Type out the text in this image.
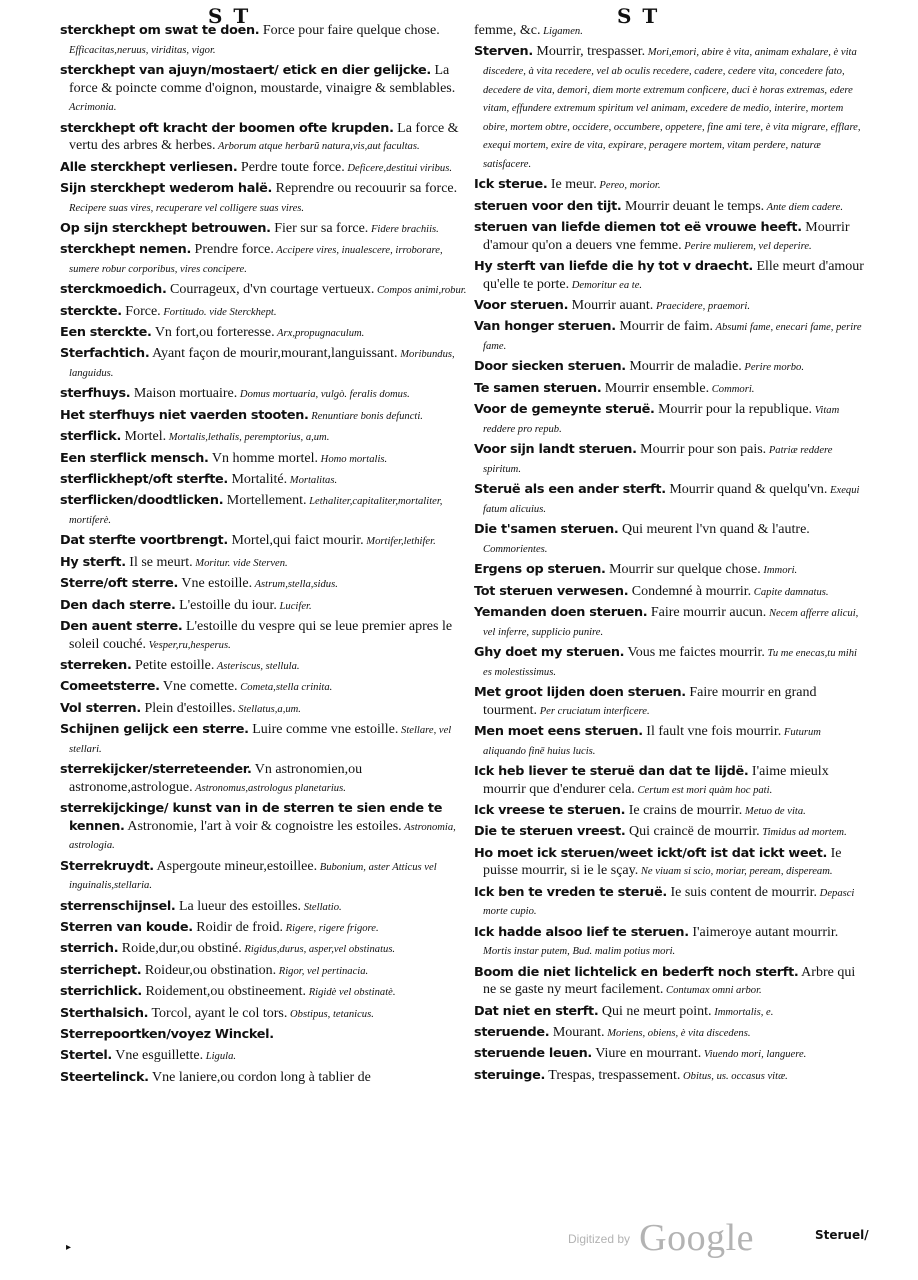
S T	S T

sterckhept om swat te doen. Force pour faire quelque chose. Efficacitas,neruus, viriditas, vigor.

sterckhept van ajuyn/mostaert/ etick en dier gelijcke. La force & poincte comme d'oignon, moustarde, vinaigre & semblables. Acrimonia.

sterckhept oft kracht der boomen ofte krupden. La force & vertu des arbres & herbes. Arborum atque herbarũ natura,vis,aut facultas.

Alle sterckhept verliesen. Perdre toute force. Deficere,destitui viribus.

Sijn sterckhept wederom halë. Reprendre ou recouurir sa force. Recipere suas vires, recuperare vel colligere suas vires.

Op sijn sterckhept betrouwen. Fier sur sa force. Fidere brachiis.

sterckhept nemen. Prendre force. Accipere vires, inualescere, irroborare, sumere robur corporibus, vires concipere.

sterckmoedich. Courrageux, d'vn courtage vertueux. Compos animi,robur.

sterckte. Force. Fortitudo. vide Sterckhept.

Een sterckte. Vn fort,ou forteresse. Arx,propugnaculum.

Sterfachtich. Ayant façon de mourir,mourant,languissant. Moribundus, languidus.

sterfhuys. Maison mortuaire. Domus mortuaria, vulgò. feralis domus.

Het sterfhuys niet vaerden stooten. Renuntiare bonis defuncti.

sterflick. Mortel. Mortalis,lethalis, peremptorius, a,um.

Een sterflick mensch. Vn homme mortel. Homo mortalis.

sterflickhept/oft sterfte. Mortalité. Mortalitas.

sterflicken/doodtlicken. Mortellement. Lethaliter,capitaliter,mortaliter, mortiferè.

Dat sterfte voortbrengt. Mortel,qui faict mourir. Mortifer,lethifer.

Hy sterft. Il se meurt. Moritur. vide Sterven.

Sterre/oft sterre. Vne estoille. Astrum,stella,sidus.

Den dach sterre. L'estoille du iour. Lucifer.

Den auent sterre. L'estoille du vespre qui se leue premier apres le soleil couché. Vesper,ru,hesperus.

sterreken. Petite estoille. Asteriscus, stellula.

Comeetsterre. Vne comette. Cometa,stella crinita.

Vol sterren. Plein d'estoilles. Stellatus,a,um.

Schijnen gelijck een sterre. Luire comme vne estoille. Stellare, vel stellari.

sterrekijcker/sterreteender. Vn astronomien,ou astronome,astrologue. Astronomus,astrologus planetarius.

sterrekijckinge/ kunst van in de sterren te sien ende te kennen. Astronomie, l'art à voir & cognoistre les estoiles. Astronomia, astrologia.

Sterrekruydt. Aspergoute mineur,estoillee. Bubonium, aster Atticus vel inguinalis,stellaria.

sterrenschijnsel. La lueur des estoilles. Stellatio.

Sterren van koude. Roidir de froid. Rigere, rigere frigore.

sterrich. Roide,dur,ou obstiné. Rigidus,durus, asper,vel obstinatus.

sterrichept. Roideur,ou obstination. Rigor, vel pertinacia.

sterrichlick. Roidement,ou obstineement. Rigidè vel obstinatè.

Sterthalsich. Torcol, ayant le col tors. Obstipus, tetanicus.

Sterrepoortken/voyez Winckel.

Stertel. Vne esguillette. Ligula.

Steertelinck. Vne laniere,ou cordon long à tablier de

femme, &c. Ligamen.

Sterven. Mourrir, trespasser. Mori,emori, abire è vita, animam exhalare, è vita discedere, à vita recedere, vel ab oculis recedere, cadere, cedere vita, concedere fato, decedere de vita, demori, diem morte extremum conficere, duci è horas extremas, edere vitam, effundere extremum spiritum vel animam, excedere de medio, interire, mortem obire, mortem obtre, occidere, occumbere, oppetere, fine ami tere, è vita migrare, efflare, exequi mortem, exire de vita, expirare, peragere mortem, vitam perdere, naturæ satisfacere.

Ick sterue. Ie meur. Pereo, morior.

steruen voor den tijt. Mourrir deuant le temps. Ante diem cadere.

steruen van liefde diemen tot eë vrouwe heeft. Mourrir d'amour qu'on a deuers vne femme. Perire mulierem, vel deperire.

Hy sterft van liefde die hy tot v draecht. Elle meurt d'amour qu'elle te porte. Demoritur ea te.

Voor steruen. Mourrir auant. Praecidere, praemori.

Van honger steruen. Mourrir de faim. Absumi fame, enecari fame, perire fame.

Door siecken steruen. Mourrir de maladie. Perire morbo.

Te samen steruen. Mourrir ensemble. Commori.

Voor de gemeynte steruë. Mourrir pour la republique. Vitam reddere pro repub.

Voor sijn landt steruen. Mourrir pour son pais. Patriæ reddere spiritum.

Steruë als een ander sterft. Mourrir quand & quelqu'vn. Exequi fatum alicuius.

Die t'samen steruen. Qui meurent l'vn quand & l'autre. Commorientes.

Ergens op steruen. Mourrir sur quelque chose. Immori.

Tot steruen verwesen. Condemné à mourrir. Capite damnatus.

Yemanden doen steruen. Faire mourrir aucun. Necem afferre alicui, vel inferre, supplicio punire.

Ghy doet my steruen. Vous me faictes mourrir. Tu me enecas,tu mihi es molestissimus.

Met groot lijden doen steruen. Faire mourrir en grand tourment. Per cruciatum interficere.

Men moet eens steruen. Il fault vne fois mourrir. Futurum aliquando finē huius lucis.

Ick heb liever te steruë dan dat te lijdë. I'aime mieulx mourrir que d'endurer cela. Certum est mori quàm hoc pati.

Ick vreese te steruen. Ie crains de mourrir. Metuo de vita.

Die te steruen vreest. Qui craincë de mourrir. Timidus ad mortem.

Ho moet ick steruen/weet ickt/oft ist dat ickt weet. Ie puisse mourrir, si ie le sçay. Ne viuam si scio, moriar, peream, dispeream.

Ick ben te vreden te steruë. Ie suis content de mourrir. Depasci morte cupio.

Ick hadde alsoo lief te steruen. I'aimeroye autant mourrir. Mortis instar putem, Bud. malim potius mori.

Boom die niet lichtelick en bederft noch sterft. Arbre qui ne se gaste ny meurt facilement. Contumax omni arbor.

Dat niet en sterft. Qui ne meurt point. Immortalis, e.

steruende. Mourant. Moriens, obiens, è vita discedens.

steruende leuen. Viure en mourrant. Viuendo mori, languere.

steruinge. Trespas, trespassement. Obitus, us. occasus vitæ.

Steruel/
▸
$^{Digitized by}$ Google
